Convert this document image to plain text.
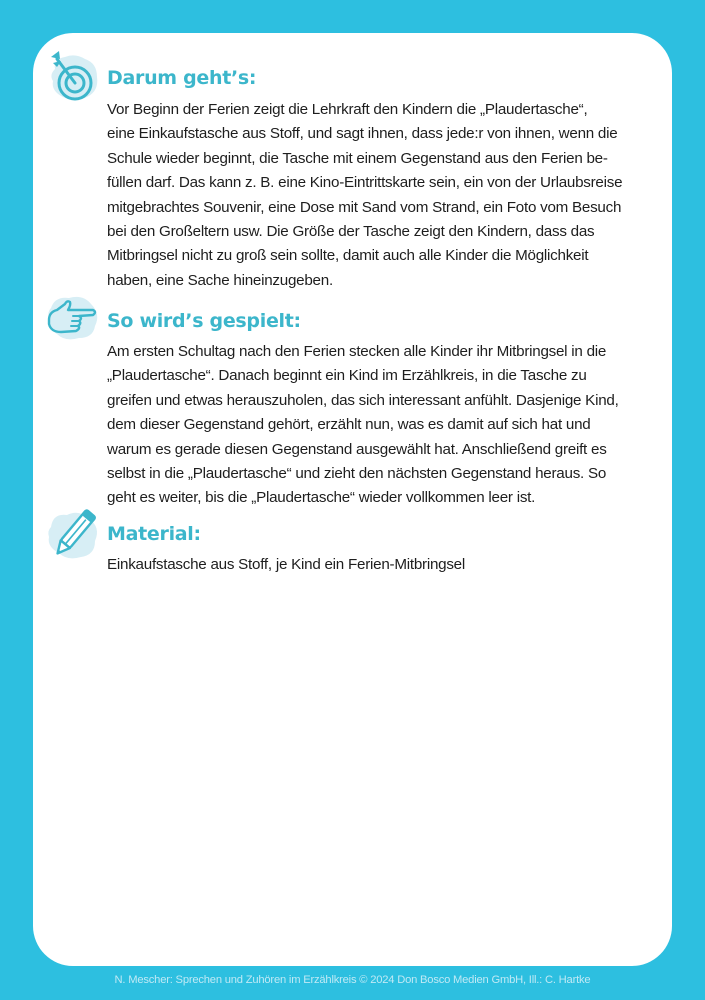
Darum geht’s:

Vor Beginn der Ferien zeigt die Lehrkraft den Kindern die „Plaudertasche“,
eine Einkaufstasche aus Stoff, und sagt ihnen, dass jede:r von ihnen, wenn die
Schule wieder beginnt, die Tasche mit einem Gegenstand aus den Ferien be-
füllen darf. Das kann z. B. eine Kino-Eintrittskarte sein, ein von der Urlaubsreise
mitgebrachtes Souvenir, eine Dose mit Sand vom Strand, ein Foto vom Besuch
bei den Großeltern usw. Die Größe der Tasche zeigt den Kindern, dass das
Mitbringsel nicht zu groß sein sollte, damit auch alle Kinder die Möglichkeit
haben, eine Sache hineinzugeben.

So wird’s gespielt:

Am ersten Schultag nach den Ferien stecken alle Kinder ihr Mitbringsel in die
„Plaudertasche“. Danach beginnt ein Kind im Erzählkreis, in die Tasche zu
greifen und etwas herauszuholen, das sich interessant anfühlt. Dasjenige Kind,
dem dieser Gegenstand gehört, erzählt nun, was es damit auf sich hat und
warum es gerade diesen Gegenstand ausgewählt hat. Anschließend greift es
selbst in die „Plaudertasche“ und zieht den nächsten Gegenstand heraus. So
geht es weiter, bis die „Plaudertasche“ wieder vollkommen leer ist.

Material:

Einkaufstasche aus Stoff, je Kind ein Ferien-Mitbringsel

N. Mescher: Sprechen und Zuhören im Erzählkreis © 2024 Don Bosco Medien GmbH, Ill.: C. Hartke
